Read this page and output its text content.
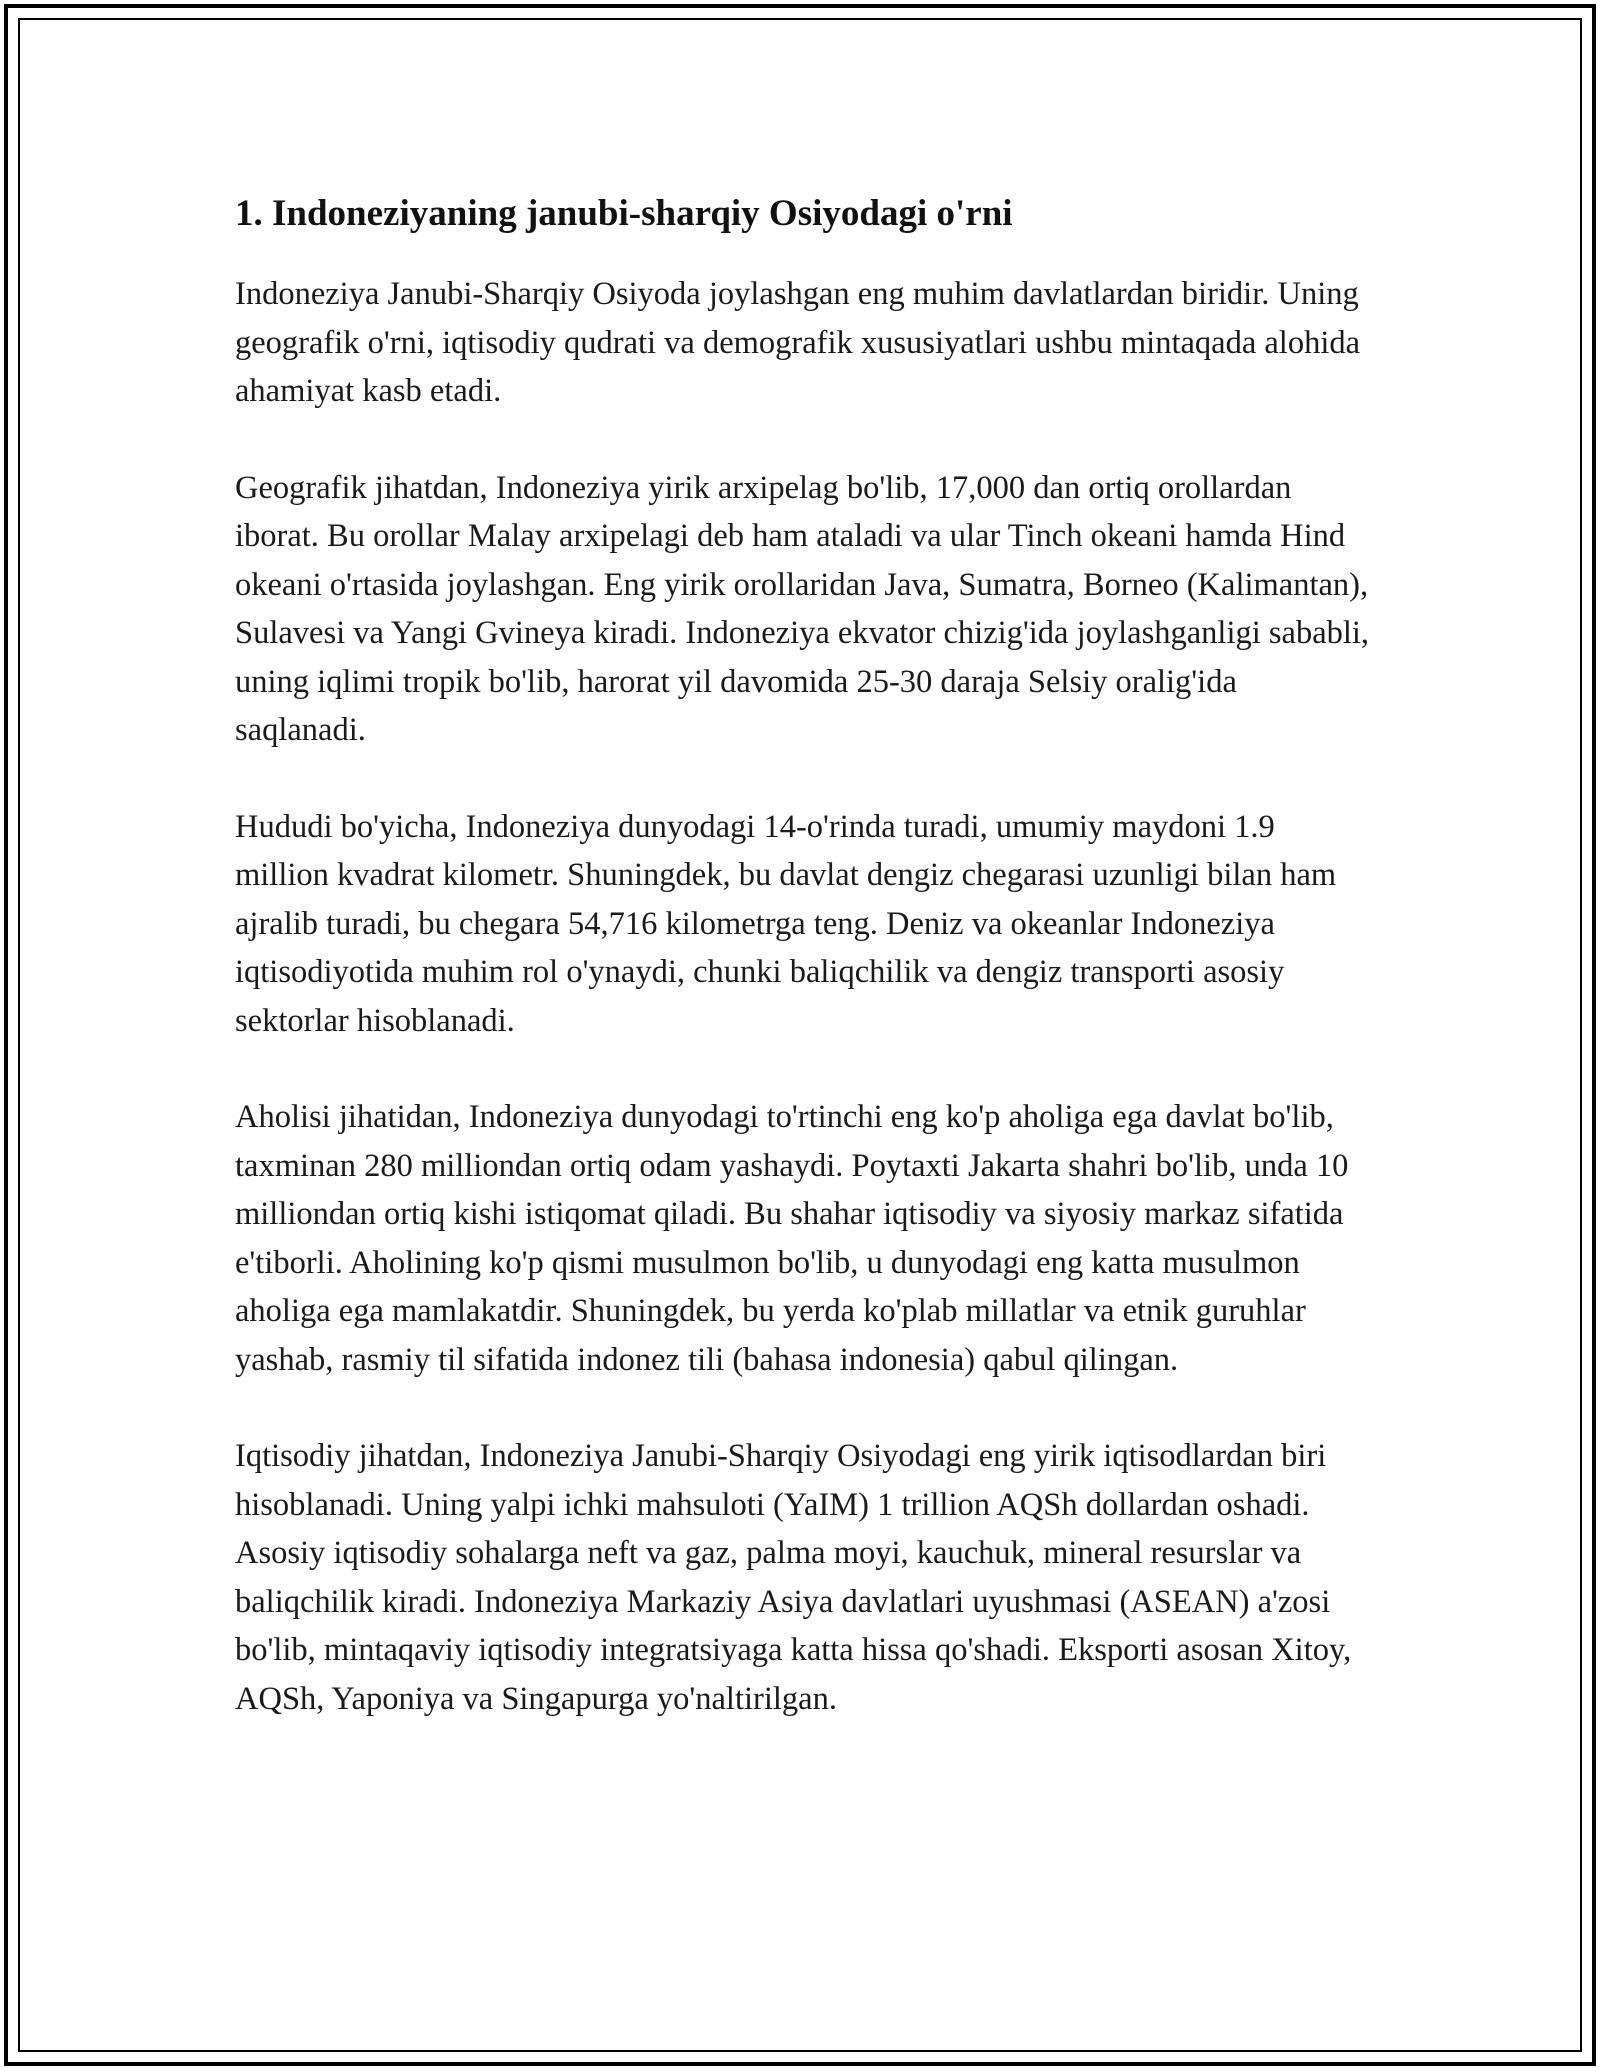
1. Indoneziyaning janubi-sharqiy Osiyodagi o'rni

Indoneziya Janubi-Sharqiy Osiyoda joylashgan eng muhim davlatlardan biridir. Uning geografik o'rni, iqtisodiy qudrati va demografik xususiyatlari ushbu mintaqada alohida ahamiyat kasb etadi.

Geografik jihatdan, Indoneziya yirik arxipelag bo'lib, 17,000 dan ortiq orollardan iborat. Bu orollar Malay arxipelagi deb ham ataladi va ular Tinch okeani hamda Hind okeani o'rtasida joylashgan. Eng yirik orollaridan Java, Sumatra, Borneo (Kalimantan), Sulavesi va Yangi Gvineya kiradi. Indoneziya ekvator chizig'ida joylashganligi sababli, uning iqlimi tropik bo'lib, harorat yil davomida 25-30 daraja Selsiy oralig'ida saqlanadi.

Hududi bo'yicha, Indoneziya dunyodagi 14-o'rinda turadi, umumiy maydoni 1.9 million kvadrat kilometr. Shuningdek, bu davlat dengiz chegarasi uzunligi bilan ham ajralib turadi, bu chegara 54,716 kilometrga teng. Deniz va okeanlar Indoneziya iqtisodiyotida muhim rol o'ynaydi, chunki baliqchilik va dengiz transporti asosiy sektorlar hisoblanadi.

Aholisi jihatidan, Indoneziya dunyodagi to'rtinchi eng ko'p aholiga ega davlat bo'lib, taxminan 280 milliondan ortiq odam yashaydi. Poytaxti Jakarta shahri bo'lib, unda 10 milliondan ortiq kishi istiqomat qiladi. Bu shahar iqtisodiy va siyosiy markaz sifatida e'tiborli. Aholining ko'p qismi musulmon bo'lib, u dunyodagi eng katta musulmon aholiga ega mamlakatdir. Shuningdek, bu yerda ko'plab millatlar va etnik guruhlar yashab, rasmiy til sifatida indonez tili (bahasa indonesia) qabul qilingan.

Iqtisodiy jihatdan, Indoneziya Janubi-Sharqiy Osiyodagi eng yirik iqtisodlardan biri hisoblanadi. Uning yalpi ichki mahsuloti (YaIM) 1 trillion AQSh dollardan oshadi. Asosiy iqtisodiy sohalarga neft va gaz, palma moyi, kauchuk, mineral resurslar va baliqchilik kiradi. Indoneziya Markaziy Asiya davlatlari uyushmasi (ASEAN) a'zosi bo'lib, mintaqaviy iqtisodiy integratsiyaga katta hissa qo'shadi. Eksporti asosan Xitoy, AQSh, Yaponiya va Singapurga yo'naltirilgan.
